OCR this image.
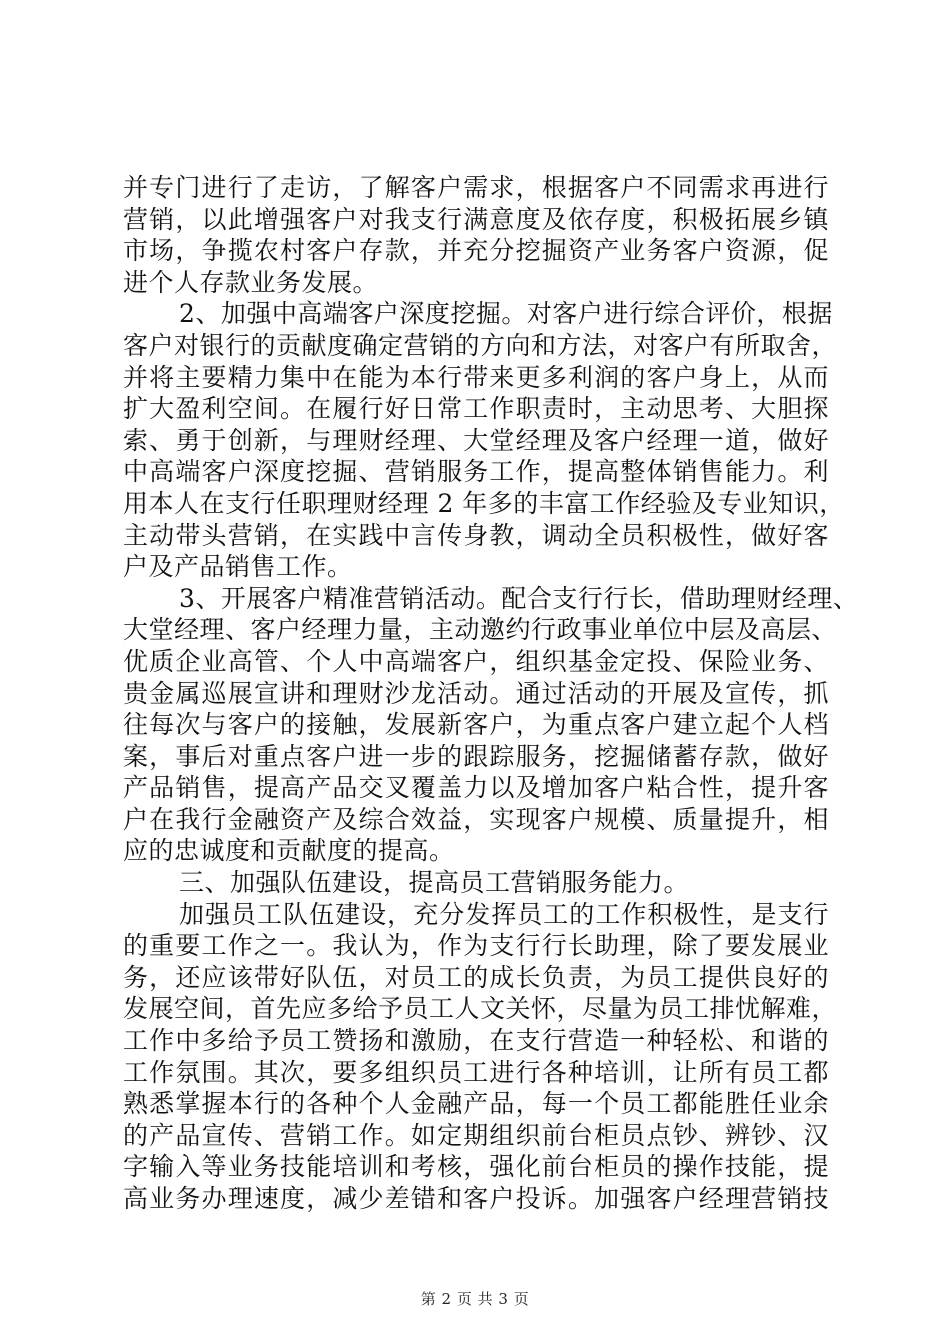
并专门进行了走访，了解客户需求，根据客户不同需求再进行
营销，以此增强客户对我支行满意度及依存度，积极拓展乡镇
市场，争揽农村客户存款，并充分挖掘资产业务客户资源，促
进个人存款业务发展。
2、加强中高端客户深度挖掘。对客户进行综合评价，根据
客户对银行的贡献度确定营销的方向和方法，对客户有所取舍，
并将主要精力集中在能为本行带来更多利润的客户身上，从而
扩大盈利空间。在履行好日常工作职责时，主动思考、大胆探
索、勇于创新，与理财经理、大堂经理及客户经理一道，做好
中高端客户深度挖掘、营销服务工作，提高整体销售能力。利
用本人在支行任职理财经理 2 年多的丰富工作经验及专业知识，
主动带头营销，在实践中言传身教，调动全员积极性，做好客
户及产品销售工作。
3、开展客户精准营销活动。配合支行行长，借助理财经理、
大堂经理、客户经理力量，主动邀约行政事业单位中层及高层、
优质企业高管、个人中高端客户，组织基金定投、保险业务、
贵金属巡展宣讲和理财沙龙活动。通过活动的开展及宣传，抓
往每次与客户的接触，发展新客户，为重点客户建立起个人档
案，事后对重点客户进一步的跟踪服务，挖掘储蓄存款，做好
产品销售，提高产品交叉覆盖力以及增加客户粘合性，提升客
户在我行金融资产及综合效益，实现客户规模、质量提升，相
应的忠诚度和贡献度的提高。
三、加强队伍建设，提高员工营销服务能力。
加强员工队伍建设，充分发挥员工的工作积极性，是支行
的重要工作之一。我认为，作为支行行长助理，除了要发展业
务，还应该带好队伍，对员工的成长负责，为员工提供良好的
发展空间，首先应多给予员工人文关怀，尽量为员工排忧解难，
工作中多给予员工赞扬和激励，在支行营造一种轻松、和谐的
工作氛围。其次，要多组织员工进行各种培训，让所有员工都
熟悉掌握本行的各种个人金融产品，每一个员工都能胜任业余
的产品宣传、营销工作。如定期组织前台柜员点钞、辨钞、汉
字输入等业务技能培训和考核，强化前台柜员的操作技能，提
高业务办理速度，减少差错和客户投诉。加强客户经理营销技
第 2 页 共 3 页
